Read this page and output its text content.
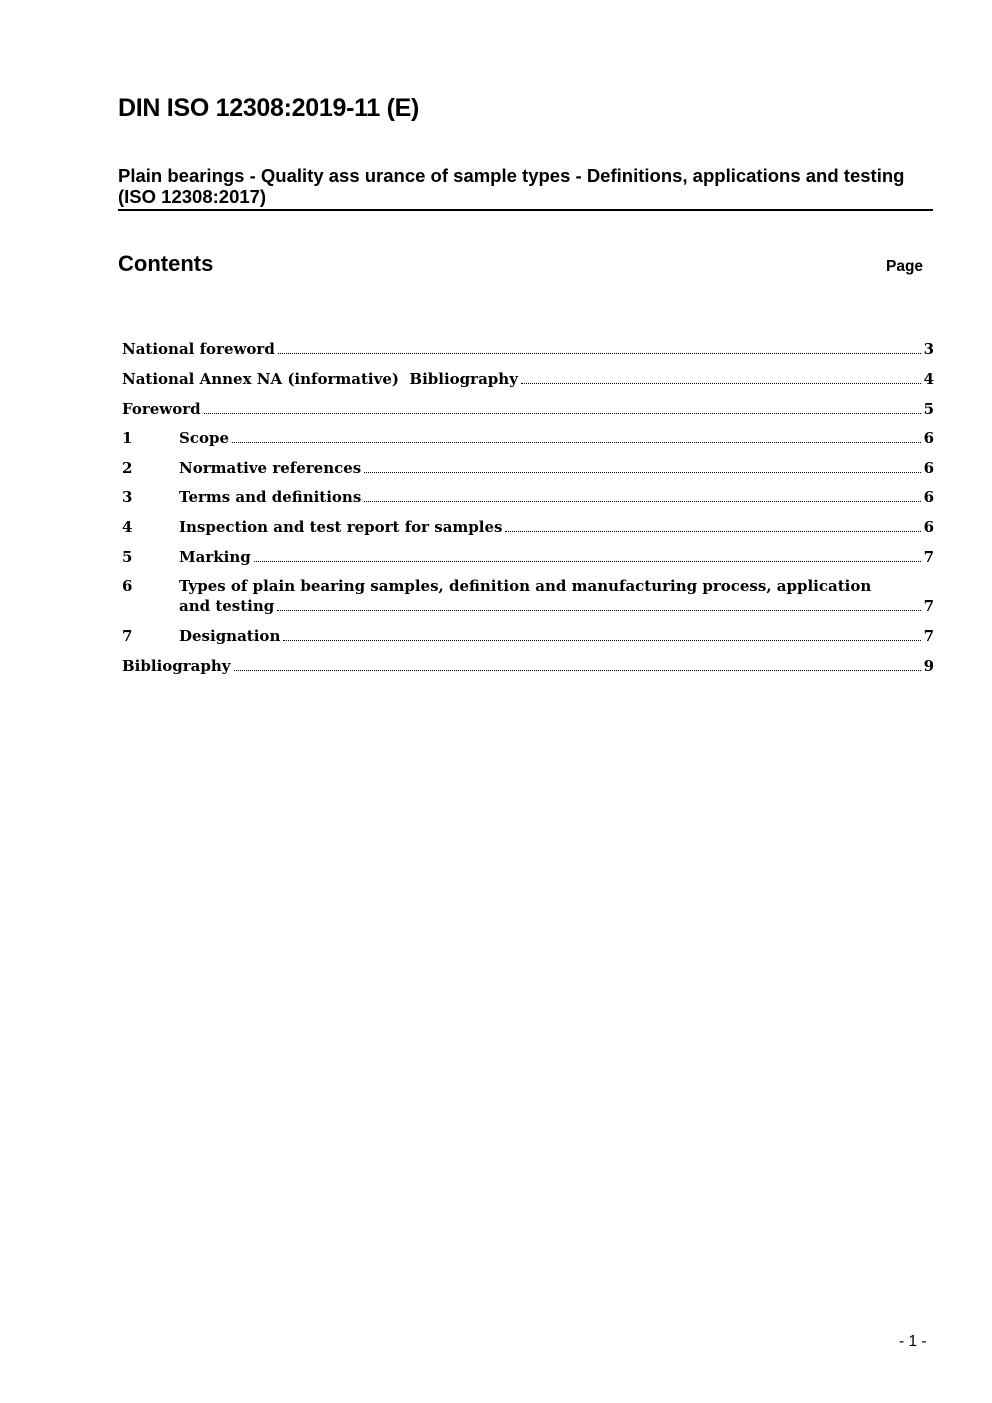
DIN ISO 12308:2019-11 (E)
Plain bearings - Quality ass urance of sample types - Definitions, applications and testing (ISO 12308:2017)
Contents	Page
National foreword	3
National Annex NA (informative)  Bibliography	4
Foreword	5
1	Scope	6
2	Normative references	6
3	Terms and definitions	6
4	Inspection and test report for samples	6
5	Marking	7
6	Types of plain bearing samples, definition and manufacturing process, application
and testing	7
7	Designation	7
Bibliography	9
- 1 -
